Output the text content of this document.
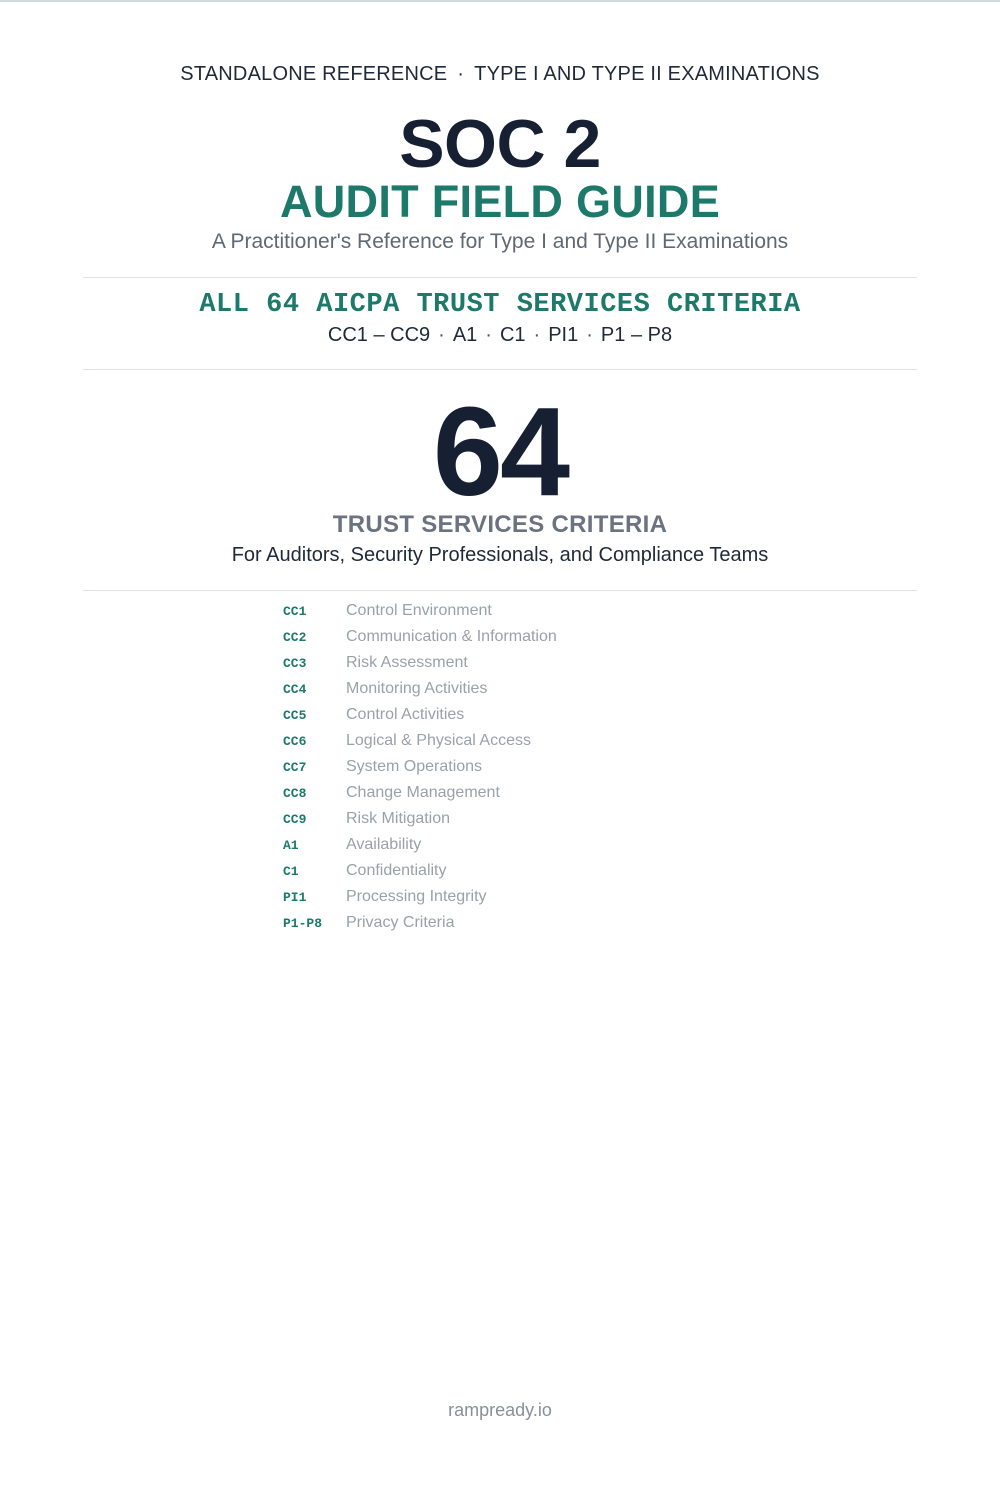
STANDALONE REFERENCE · TYPE I AND TYPE II EXAMINATIONS
SOC 2
AUDIT FIELD GUIDE
A Practitioner's Reference for Type I and Type II Examinations
ALL 64 AICPA TRUST SERVICES CRITERIA
CC1 – CC9 · A1 · C1 · PI1 · P1 – P8
64
TRUST SERVICES CRITERIA
For Auditors, Security Professionals, and Compliance Teams
CC1	Control Environment
CC2	Communication & Information
CC3	Risk Assessment
CC4	Monitoring Activities
CC5	Control Activities
CC6	Logical & Physical Access
CC7	System Operations
CC8	Change Management
CC9	Risk Mitigation
A1	Availability
C1	Confidentiality
PI1	Processing Integrity
P1-P8	Privacy Criteria
rampready.io
